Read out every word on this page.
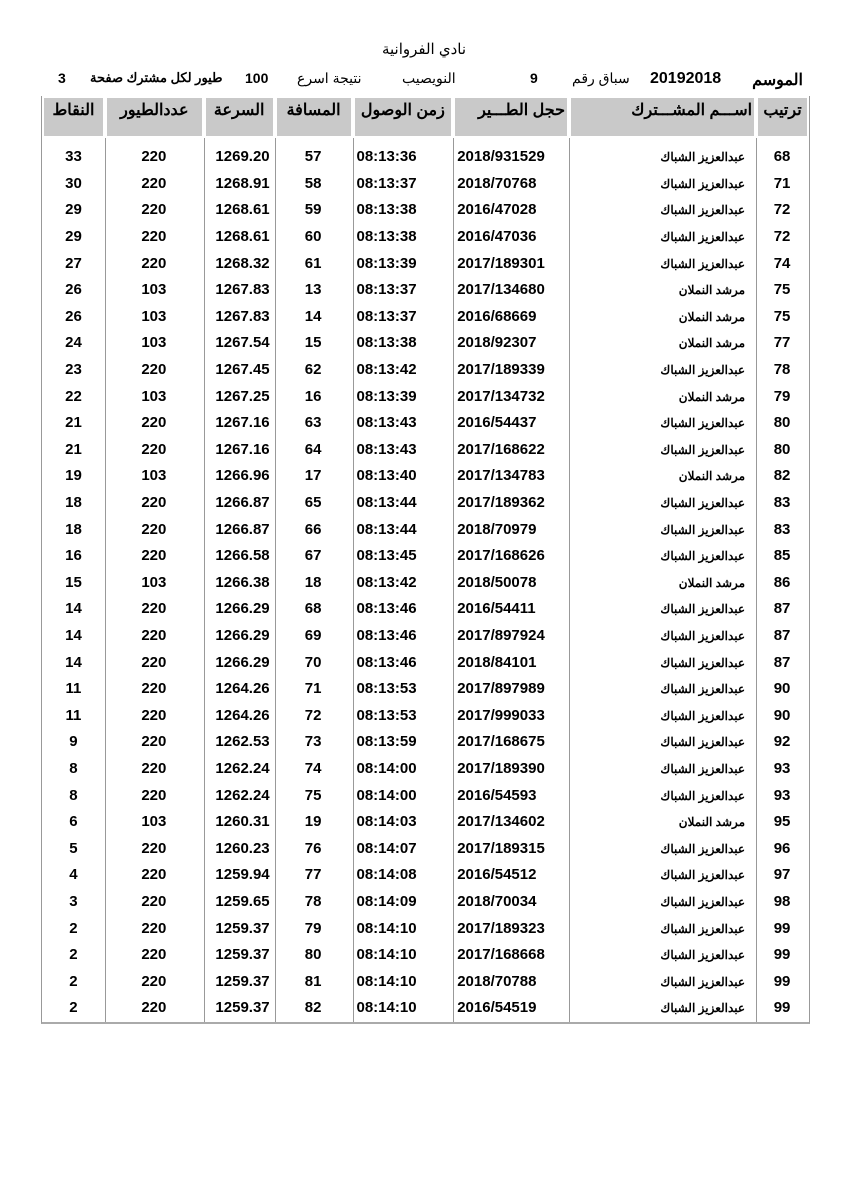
نادي الفروانية
الموسم
20192018
سباق رقم
9
النويصيب
نتيجة اسرع
100
طيور لكل مشترك صفحة
3
ترتيب	اســـم المشـــترك	حجل الطـــير	زمن الوصول	المسافة	السرعة	عددالطيور	النقاط

68	عبدالعزيز الشباك	2018/931529	08:13:36	57	1269.20	220	33
71	عبدالعزيز الشباك	2018/70768	08:13:37	58	1268.91	220	30
72	عبدالعزيز الشباك	2016/47028	08:13:38	59	1268.61	220	29
72	عبدالعزيز الشباك	2016/47036	08:13:38	60	1268.61	220	29
74	عبدالعزيز الشباك	2017/189301	08:13:39	61	1268.32	220	27
75	مرشد النملان	2017/134680	08:13:37	13	1267.83	103	26
75	مرشد النملان	2016/68669	08:13:37	14	1267.83	103	26
77	مرشد النملان	2018/92307	08:13:38	15	1267.54	103	24
78	عبدالعزيز الشباك	2017/189339	08:13:42	62	1267.45	220	23
79	مرشد النملان	2017/134732	08:13:39	16	1267.25	103	22
80	عبدالعزيز الشباك	2016/54437	08:13:43	63	1267.16	220	21
80	عبدالعزيز الشباك	2017/168622	08:13:43	64	1267.16	220	21
82	مرشد النملان	2017/134783	08:13:40	17	1266.96	103	19
83	عبدالعزيز الشباك	2017/189362	08:13:44	65	1266.87	220	18
83	عبدالعزيز الشباك	2018/70979	08:13:44	66	1266.87	220	18
85	عبدالعزيز الشباك	2017/168626	08:13:45	67	1266.58	220	16
86	مرشد النملان	2018/50078	08:13:42	18	1266.38	103	15
87	عبدالعزيز الشباك	2016/54411	08:13:46	68	1266.29	220	14
87	عبدالعزيز الشباك	2017/897924	08:13:46	69	1266.29	220	14
87	عبدالعزيز الشباك	2018/84101	08:13:46	70	1266.29	220	14
90	عبدالعزيز الشباك	2017/897989	08:13:53	71	1264.26	220	11
90	عبدالعزيز الشباك	2017/999033	08:13:53	72	1264.26	220	11
92	عبدالعزيز الشباك	2017/168675	08:13:59	73	1262.53	220	9
93	عبدالعزيز الشباك	2017/189390	08:14:00	74	1262.24	220	8
93	عبدالعزيز الشباك	2016/54593	08:14:00	75	1262.24	220	8
95	مرشد النملان	2017/134602	08:14:03	19	1260.31	103	6
96	عبدالعزيز الشباك	2017/189315	08:14:07	76	1260.23	220	5
97	عبدالعزيز الشباك	2016/54512	08:14:08	77	1259.94	220	4
98	عبدالعزيز الشباك	2018/70034	08:14:09	78	1259.65	220	3
99	عبدالعزيز الشباك	2017/189323	08:14:10	79	1259.37	220	2
99	عبدالعزيز الشباك	2017/168668	08:14:10	80	1259.37	220	2
99	عبدالعزيز الشباك	2018/70788	08:14:10	81	1259.37	220	2
99	عبدالعزيز الشباك	2016/54519	08:14:10	82	1259.37	220	2
